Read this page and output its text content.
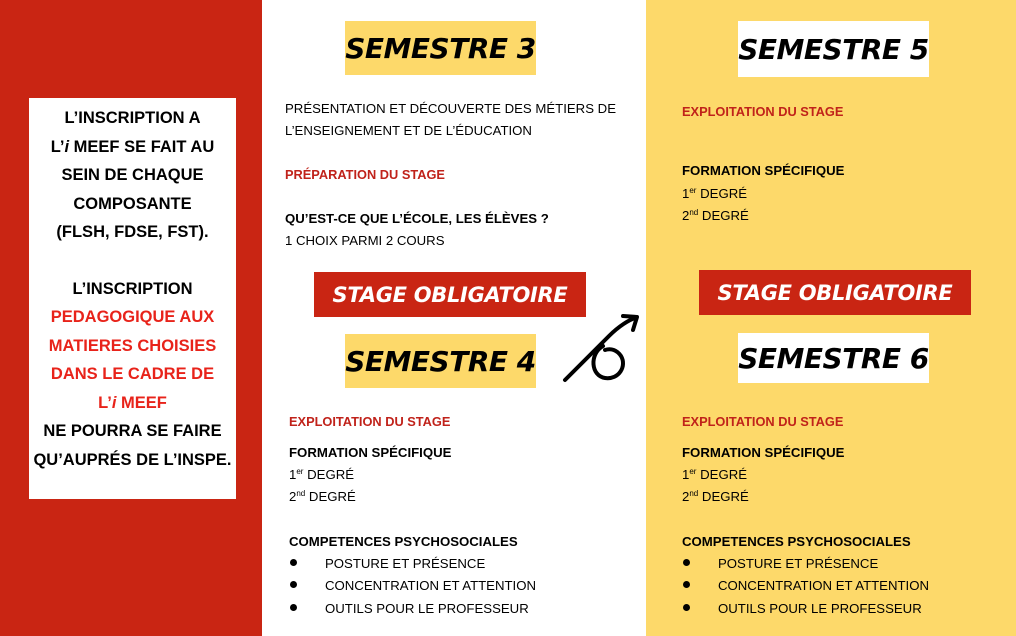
L’INSCRIPTION A
L’i MEEF SE FAIT AU
SEIN DE CHAQUE
COMPOSANTE
(FLSH, FDSE, FST).
L’INSCRIPTION
PEDAGOGIQUE AUX
MATIERES CHOISIES
DANS LE CADRE DE
L’i MEEF
NE POURRA SE FAIRE
QU’AUPRÉS DE L’INSPE.
SEMESTRE 3
PRÉSENTATION ET DÉCOUVERTE DES MÉTIERS DE L’ENSEIGNEMENT ET DE L’ÉDUCATION
PRÉPARATION DU STAGE
QU’EST-CE QUE L’ÉCOLE, LES ÉLÈVES ?
1 CHOIX PARMI 2 COURS
STAGE OBLIGATOIRE	STAGE OBLIGATOIRE
SEMESTRE 4
EXPLOITATION DU STAGE
FORMATION SPÉCIFIQUE
1er DEGRÉ
2nd DEGRÉ
COMPETENCES PSYCHOSOCIALES
POSTURE ET PRÉSENCE
CONCENTRATION ET ATTENTION
OUTILS POUR LE PROFESSEUR
SEMESTRE 5
EXPLOITATION DU STAGE
FORMATION SPÉCIFIQUE
1er DEGRÉ
2nd DEGRÉ
SEMESTRE 6
EXPLOITATION DU STAGE
FORMATION SPÉCIFIQUE
1er DEGRÉ
2nd DEGRÉ
COMPETENCES PSYCHOSOCIALES
POSTURE ET PRÉSENCE
CONCENTRATION ET ATTENTION
OUTILS POUR LE PROFESSEUR
